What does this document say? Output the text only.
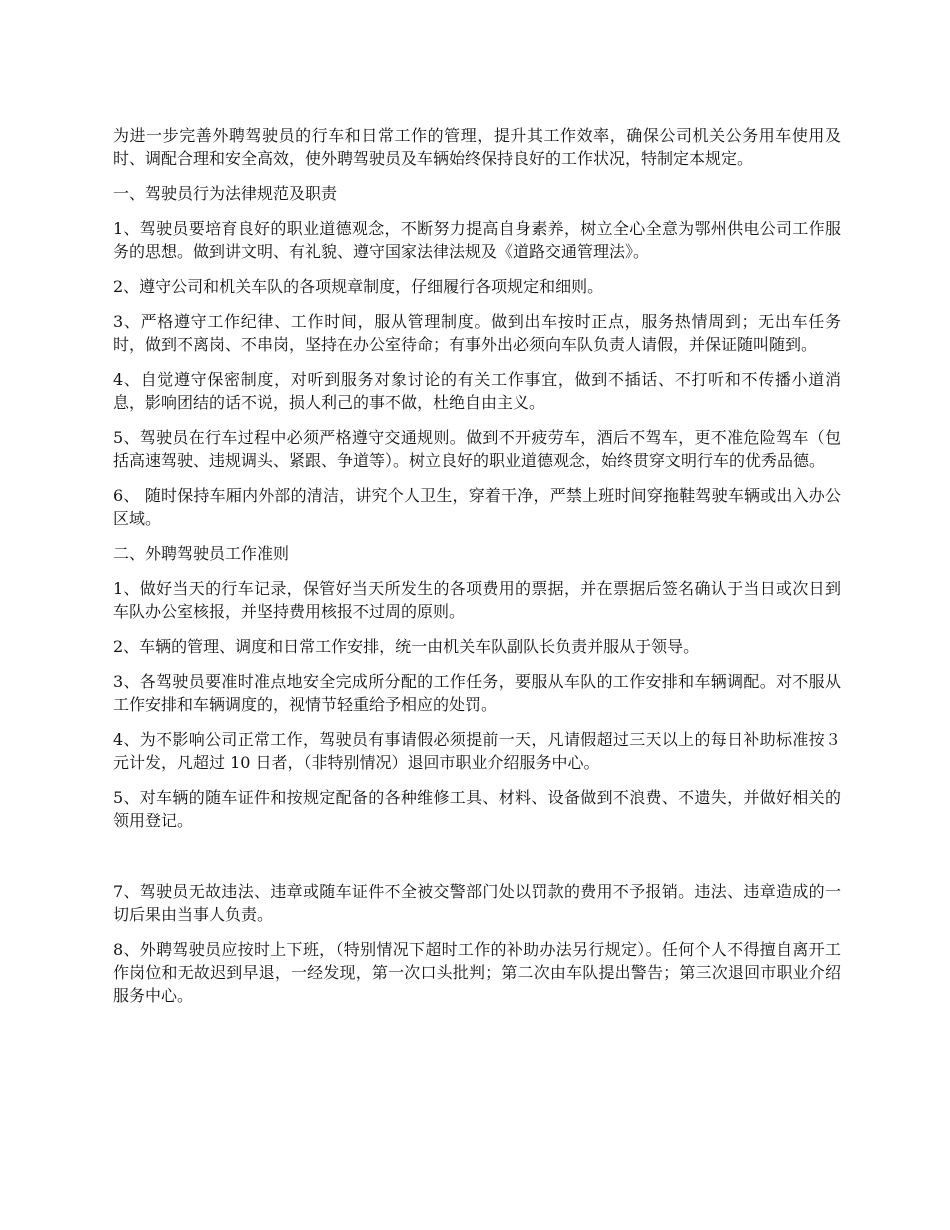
为进一步完善外聘驾驶员的行车和日常工作的管理，提升其工作效率，确保公司机关公务用车使用及时、调配合理和安全高效，使外聘驾驶员及车辆始终保持良好的工作状况，特制定本规定。

一、驾驶员行为法律规范及职责

1、驾驶员要培育良好的职业道德观念，不断努力提高自身素养，树立全心全意为鄂州供电公司工作服务的思想。做到讲文明、有礼貌、遵守国家法律法规及《道路交通管理法》。

2、遵守公司和机关车队的各项规章制度，仔细履行各项规定和细则。

3、严格遵守工作纪律、工作时间，服从管理制度。做到出车按时正点，服务热情周到；无出车任务时，做到不离岗、不串岗，坚持在办公室待命；有事外出必须向车队负责人请假，并保证随叫随到。

4、自觉遵守保密制度，对听到服务对象讨论的有关工作事宜，做到不插话、不打听和不传播小道消息，影响团结的话不说，损人利己的事不做，杜绝自由主义。

5、驾驶员在行车过程中必须严格遵守交通规则。做到不开疲劳车，酒后不驾车，更不准危险驾车（包括高速驾驶、违规调头、紧跟、争道等）。树立良好的职业道德观念，始终贯穿文明行车的优秀品德。

6、 随时保持车厢内外部的清洁，讲究个人卫生，穿着干净，严禁上班时间穿拖鞋驾驶车辆或出入办公区域。

二、外聘驾驶员工作准则

1、做好当天的行车记录，保管好当天所发生的各项费用的票据，并在票据后签名确认于当日或次日到车队办公室核报，并坚持费用核报不过周的原则。

2、车辆的管理、调度和日常工作安排，统一由机关车队副队长负责并服从于领导。

3、各驾驶员要准时准点地安全完成所分配的工作任务，要服从车队的工作安排和车辆调配。对不服从工作安排和车辆调度的，视情节轻重给予相应的处罚。

4、为不影响公司正常工作，驾驶员有事请假必须提前一天，凡请假超过三天以上的每日补助标准按３元计发，凡超过 10 日者，（非特别情况）退回市职业介绍服务中心。

5、对车辆的随车证件和按规定配备的各种维修工具、材料、设备做到不浪费、不遗失，并做好相关的领用登记。

7、驾驶员无故违法、违章或随车证件不全被交警部门处以罚款的费用不予报销。违法、违章造成的一切后果由当事人负责。

8、外聘驾驶员应按时上下班，（特别情况下超时工作的补助办法另行规定）。任何个人不得擅自离开工作岗位和无故迟到早退，一经发现，第一次口头批判；第二次由车队提出警告；第三次退回市职业介绍服务中心。
